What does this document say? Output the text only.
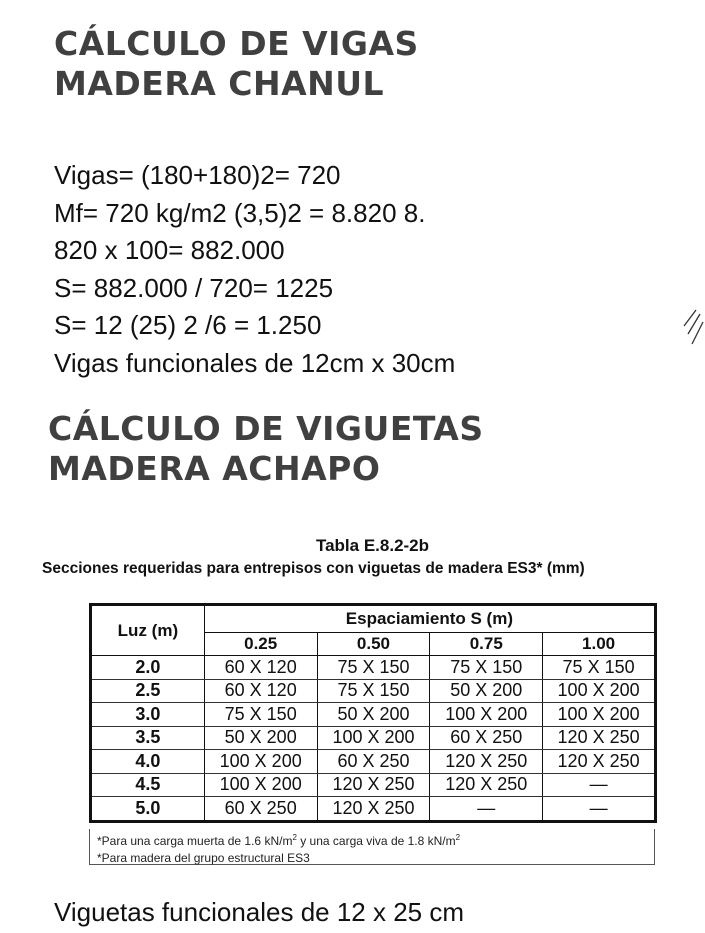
CÁLCULO DE VIGAS
MADERA CHANUL
Vigas= (180+180)2= 720
Mf= 720 kg/m2 (3,5)2 = 8.820 8.
820 x 100= 882.000
S= 882.000 / 720= 1225
S= 12 (25) 2 /6 = 1.250
Vigas funcionales de 12cm x 30cm
CÁLCULO DE VIGUETAS
MADERA ACHAPO
Tabla E.8.2-2b
Secciones requeridas para entrepisos con viguetas de madera ES3* (mm)
Luz (m)	Espaciamiento S (m)			
	0.25	0.50	0.75	1.00
2.0	60 X 120	75 X 150	75 X 150	75 X 150
2.5	60 X 120	75 X 150	50 X 200	100 X 200
3.0	75 X 150	50 X 200	100 X 200	100 X 200
3.5	50 X 200	100 X 200	60 X 250	120 X 250
4.0	100 X 200	60 X 250	120 X 250	120 X 250
4.5	100 X 200	120 X 250	120 X 250	—
5.0	60 X 250	120 X 250	—	—
*Para una carga muerta de 1.6 $kN/m^2$ y una carga viva de 1.8 $kN/m^2$
*Para madera del grupo estructural ES3
Viguetas funcionales de 12 x 25 cm
